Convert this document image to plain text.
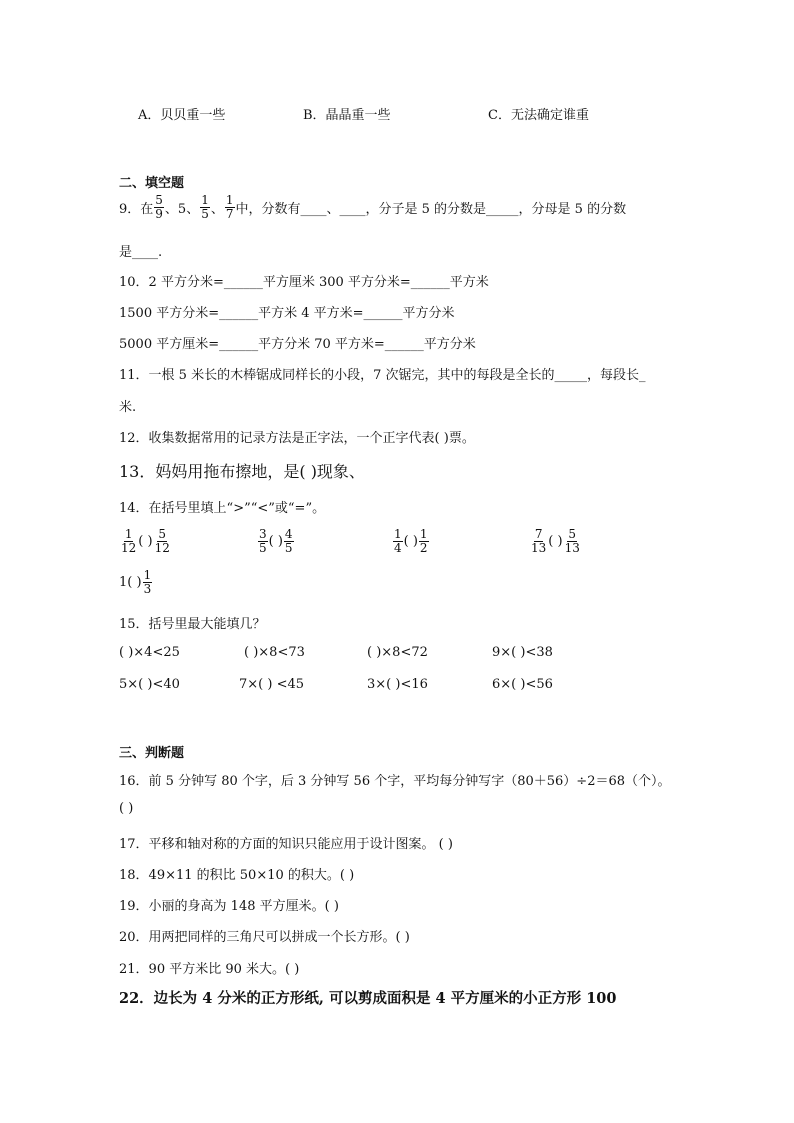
A．贝贝重一些	B．晶晶重一些	C．无法确定谁重
二、填空题
9．在 $\frac{5}{9}$ 、5、 $\frac{1}{5}$ 、 $\frac{1}{7}$ 中，分数有____、____，分子是 5 的分数是_____，分母是 5 的分数
是____.
10．2 平方分米=______平方厘米 300 平方分米=______平方米
1500 平方分米=______平方米 4 平方米=______平方分米
5000 平方厘米=______平方分米 70 平方米=______平方分米
11．一根 5 米长的木棒锯成同样长的小段，7 次锯完，其中的每段是全长的_____，每段长_
米.
12．收集数据常用的记录方法是正字法，一个正字代表( )票。
13．妈妈用拖布擦地，是( )现象、
14．在括号里填上“>”“<”或“=”。
$\frac{1}{12}$ ( ) $\frac{5}{12}$	$\frac{3}{5}$ ( ) $\frac{4}{5}$	$\frac{1}{4}$ ( ) $\frac{1}{2}$	$\frac{7}{13}$ ( ) $\frac{5}{13}$
1 ( ) $\frac{1}{3}$
15．括号里最大能填几？
( )×4<25	( )×8<73	( )×8<72	9×( )<38
5×( )<40	7×( ) <45	3×( )<16	6×( )<56
三、判断题
16．前 5 分钟写 80 个字，后 3 分钟写 56 个字，平均每分钟写字（80＋56）÷2＝68（个）。
( )
17．平移和轴对称的方面的知识只能应用于设计图案。 ( )
18．49×11 的积比 50×10 的积大。( )
19．小丽的身高为 148 平方厘米。( )
20．用两把同样的三角尺可以拼成一个长方形。( )
21．90 平方米比 90 米大。( )
22．边长为 4 分米的正方形纸, 可以剪成面积是 4 平方厘米的小正方形 100
